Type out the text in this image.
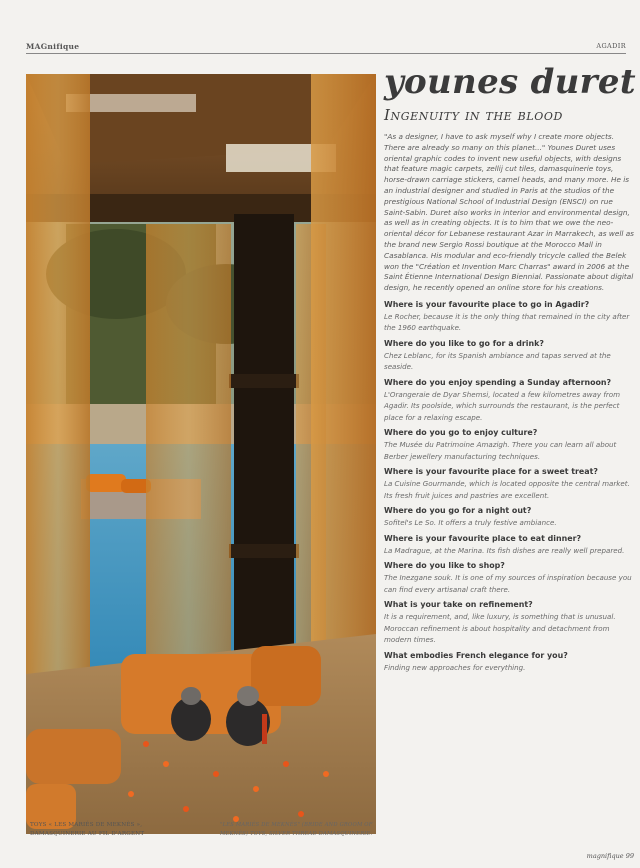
MAGnifique	AGADIR
TOYS « LES MARIÉS DE MEKNÈS », DAMASQUINERIE AU FIL D'ARGENT
"LES MARIÉS DE MEKNÈS" (BRIDE AND GROOM OF MEKNÈS) TOYS, SILVER THREAD DAMASQUINERIE.
younes duret
Ingenuity in the blood
"As a designer, I have to ask myself why I create more objects. There are already so many on this planet..." Younes Duret uses oriental graphic codes to invent new useful objects, with designs that feature magic carpets, zellij cut tiles, damasquinerie toys, horse-drawn carriage stickers, camel heads, and many more. He is an industrial designer and studied in Paris at the studios of the prestigious National School of Industrial Design (ENSCI) on rue Saint-Sabin. Duret also works in interior and environmental design, as well as in creating objects. It is to him that we owe the neo-oriental décor for Lebanese restaurant Azar in Marrakech, as well as the brand new Sergio Rossi boutique at the Morocco Mall in Casablanca. His modular and eco-friendly tricycle called the Belek won the "Création et Invention Marc Charras" award in 2006 at the Saint Étienne International Design Biennial. Passionate about digital design, he recently opened an online store for his creations.
Where is your favourite place to go in Agadir?
Le Rocher, because it is the only thing that remained in the city after the 1960 earthquake.
Where do you like to go for a drink?
Chez Leblanc, for its Spanish ambiance and tapas served at the seaside.
Where do you enjoy spending a Sunday afternoon?
L'Orangeraie de Dyar Shemsi, located a few kilometres away from Agadir. Its poolside, which surrounds the restaurant, is the perfect place for a relaxing escape.
Where do you go to enjoy culture?
The Musée du Patrimoine Amazigh. There you can learn all about Berber jewellery manufacturing techniques.
Where is your favourite place for a sweet treat?
La Cuisine Gourmande, which is located opposite the central market. Its fresh fruit juices and pastries are excellent.
Where do you go for a night out?
Sofitel's Le So. It offers a truly festive ambiance.
Where is your favourite place to eat dinner?
La Madrague, at the Marina. Its fish dishes are really well prepared.
Where do you like to shop?
The Inezgane souk. It is one of my sources of inspiration because you can find every artisanal craft there.
What is your take on refinement?
It is a requirement, and, like luxury, is something that is unusual. Moroccan refinement is about hospitality and detachment from modern times.
What embodies French elegance for you?
Finding new approaches for everything.
magnifique 99
